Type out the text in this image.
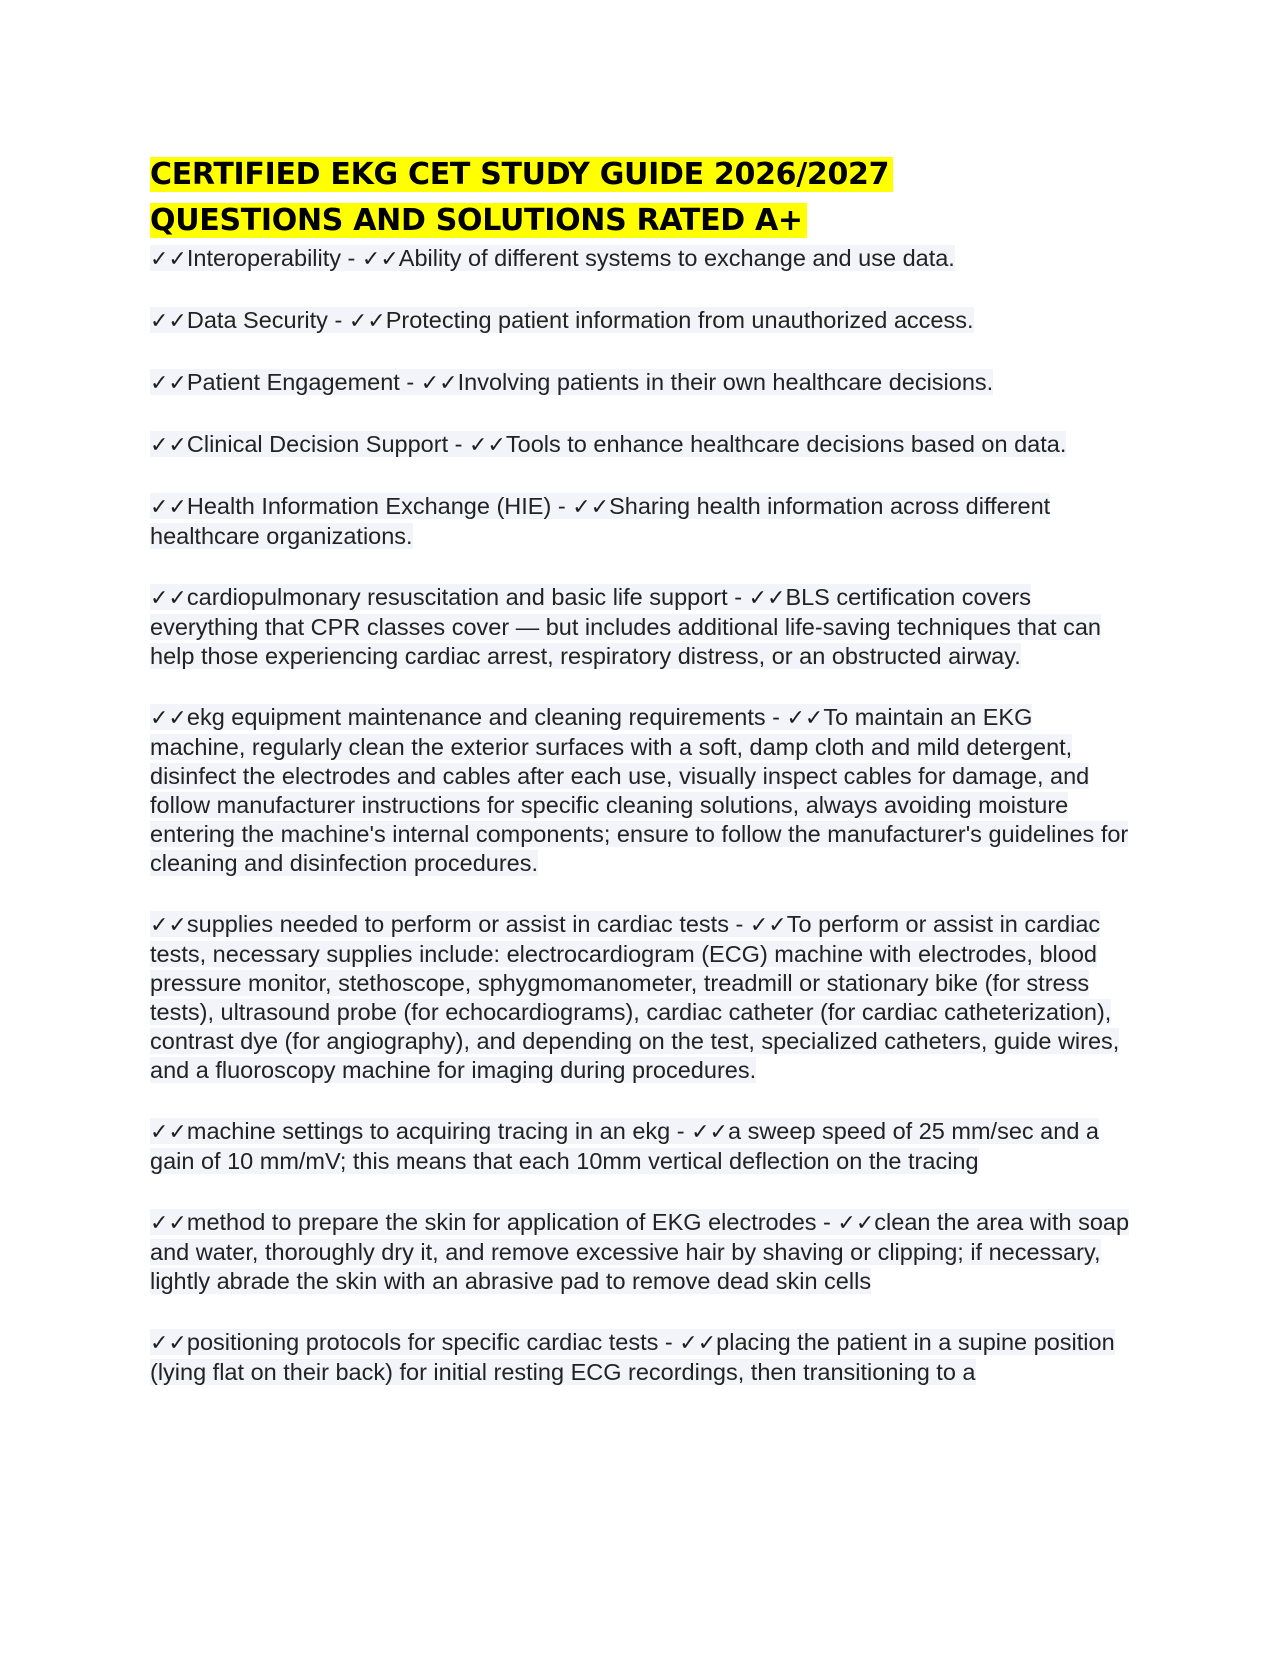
CERTIFIED EKG CET STUDY GUIDE 2026/2027
QUESTIONS AND SOLUTIONS RATED A+
✓✓Interoperability - ✓✓Ability of different systems to exchange and use data.
✓✓Data Security - ✓✓Protecting patient information from unauthorized access.
✓✓Patient Engagement - ✓✓Involving patients in their own healthcare decisions.
✓✓Clinical Decision Support - ✓✓Tools to enhance healthcare decisions based on data.
✓✓Health Information Exchange (HIE) - ✓✓Sharing health information across different healthcare organizations.
✓✓cardiopulmonary resuscitation and basic life support - ✓✓BLS certification covers everything that CPR classes cover — but includes additional life-saving techniques that can help those experiencing cardiac arrest, respiratory distress, or an obstructed airway.
✓✓ekg equipment maintenance and cleaning requirements - ✓✓To maintain an EKG machine, regularly clean the exterior surfaces with a soft, damp cloth and mild detergent, disinfect the electrodes and cables after each use, visually inspect cables for damage, and follow manufacturer instructions for specific cleaning solutions, always avoiding moisture entering the machine's internal components; ensure to follow the manufacturer's guidelines for cleaning and disinfection procedures.
✓✓supplies needed to perform or assist in cardiac tests - ✓✓To perform or assist in cardiac tests, necessary supplies include: electrocardiogram (ECG) machine with electrodes, blood pressure monitor, stethoscope, sphygmomanometer, treadmill or stationary bike (for stress tests), ultrasound probe (for echocardiograms), cardiac catheter (for cardiac catheterization), contrast dye (for angiography), and depending on the test, specialized catheters, guide wires, and a fluoroscopy machine for imaging during procedures.
✓✓machine settings to acquiring tracing in an ekg - ✓✓a sweep speed of 25 mm/sec and a gain of 10 mm/mV; this means that each 10mm vertical deflection on the tracing
✓✓method to prepare the skin for application of EKG electrodes - ✓✓clean the area with soap and water, thoroughly dry it, and remove excessive hair by shaving or clipping; if necessary, lightly abrade the skin with an abrasive pad to remove dead skin cells
✓✓positioning protocols for specific cardiac tests - ✓✓placing the patient in a supine position (lying flat on their back) for initial resting ECG recordings, then transitioning to a
